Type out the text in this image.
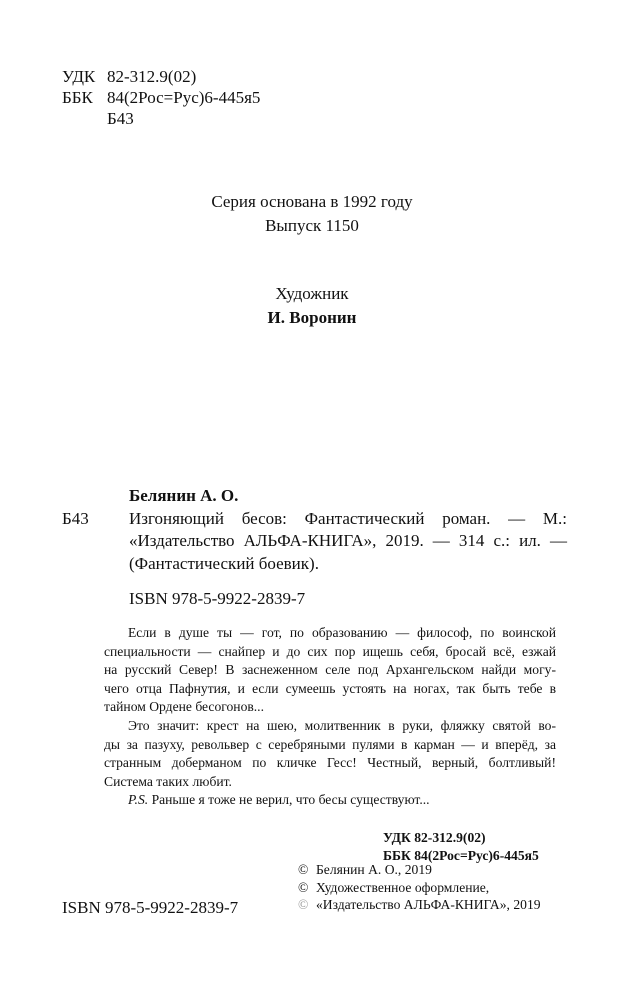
УДК 82-312.9(02)
ББК 84(2Рос=Рус)6-445я5
Б43
Серия основана в 1992 году
Выпуск 1150
Художник
И. Воронин
Белянин А. О.
Б43 Изгоняющий бесов: Фантастический роман. — М.:
«Издательство АЛЬФА-КНИГА», 2019. — 314 с.: ил. —
(Фантастический боевик).
ISBN 978-5-9922-2839-7
Если в душе ты — гот, по образованию — философ, по воинской
специальности — снайпер и до сих пор ищешь себя, бросай всё, езжай
на русский Север! В заснеженном селе под Архангельском найди могу-
чего отца Пафнутия, и если сумеешь устоять на ногах, так быть тебе в
тайном Ордене бесогонов...
Это значит: крест на шею, молитвенник в руки, фляжку святой во-
ды за пазуху, револьвер с серебряными пулями в карман — и вперёд, за
странным доберманом по кличке Гесс! Честный, верный, болтливый!
Система таких любит.
P.S. Раньше я тоже не верил, что бесы существуют...
УДК 82-312.9(02)
ББК 84(2Рос=Рус)6-445я5
© Белянин А. О., 2019
© Художественное оформление,
© «Издательство АЛЬФА-КНИГА», 2019
ISBN 978-5-9922-2839-7
